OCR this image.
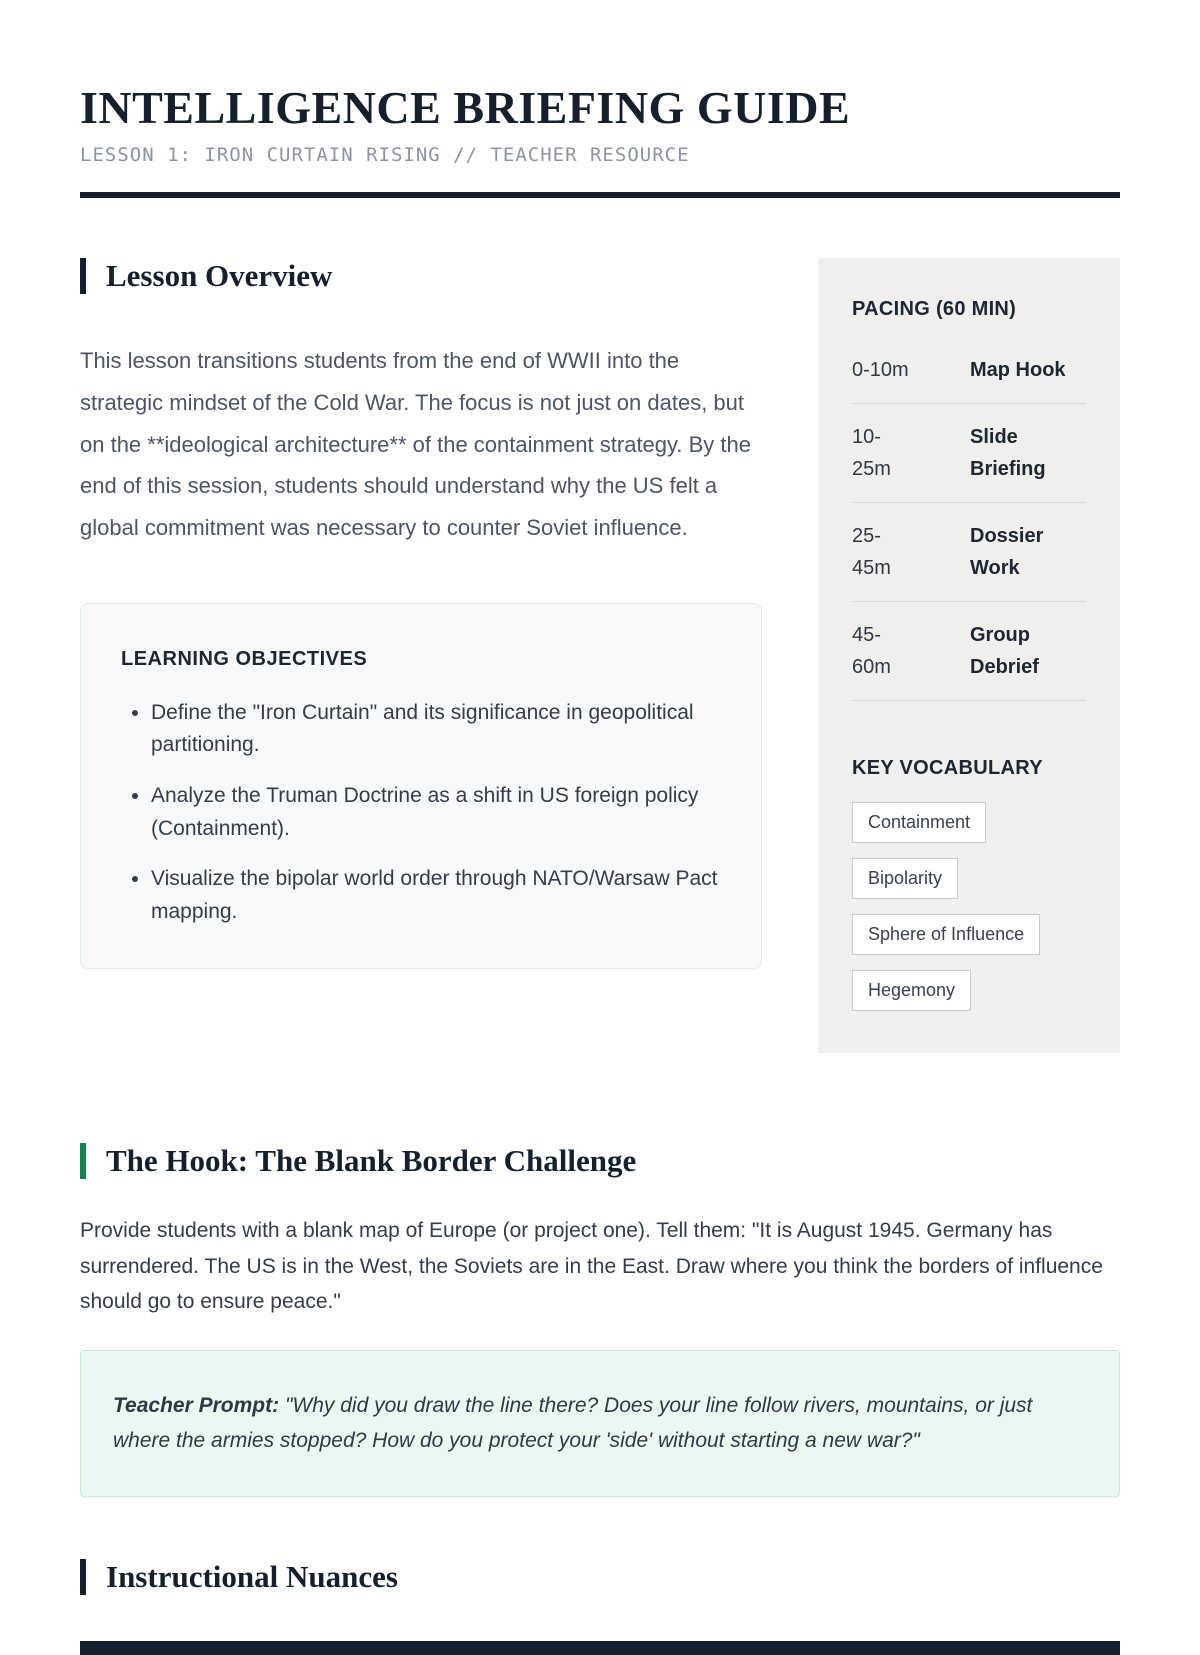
INTELLIGENCE BRIEFING GUIDE
LESSON 1: IRON CURTAIN RISING // TEACHER RESOURCE
Lesson Overview

This lesson transitions students from the end of WWII into the strategic mindset of the Cold War. The focus is not just on dates, but on the **ideological architecture** of the containment strategy. By the end of this session, students should understand why the US felt a global commitment was necessary to counter Soviet influence.

LEARNING OBJECTIVES
• Define the "Iron Curtain" and its significance in geopolitical partitioning.
• Analyze the Truman Doctrine as a shift in US foreign policy (Containment).
• Visualize the bipolar world order through NATO/Warsaw Pact mapping.
PACING (60 MIN)
0-10m	Map Hook
10-25m
Slide Briefing
25-45m
Dossier Work
45-60m
Group Debrief
KEY VOCABULARY
Containment
Bipolarity
Sphere of Influence
Hegemony
The Hook: The Blank Border Challenge

Provide students with a blank map of Europe (or project one). Tell them: "It is August 1945. Germany has surrendered. The US is in the West, the Soviets are in the East. Draw where you think the borders of influence should go to ensure peace."

Teacher Prompt: "Why did you draw the line there? Does your line follow rivers, mountains, or just where the armies stopped? How do you protect your 'side' without starting a new war?"

Instructional Nuances
